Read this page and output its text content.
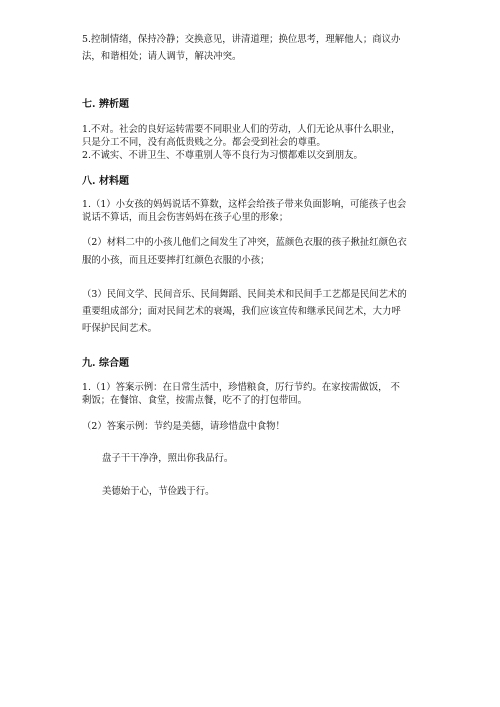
5.控制情绪，保持冷静；交换意见，讲清道理；换位思考，理解他人；商议办
法，和谐相处；请人调节，解决冲突。
七. 辨析题
1.不对。社会的良好运转需要不同职业人们的劳动，人们无论从事什么职业，
只是分工不同，没有高低贵贱之分。都会受到社会的尊重。
2.不诚实、不讲卫生、不尊重别人等不良行为习惯都难以交到朋友。
八. 材料题
1.（1）小女孩的妈妈说话不算数，这样会给孩子带来负面影响，可能孩子也会
说话不算话，而且会伤害妈妈在孩子心里的形象；
（2）材料二中的小孩儿他们之间发生了冲突，蓝颜色衣服的孩子揪扯红颜色衣
服的小孩，而且还要摔打红颜色衣服的小孩；
（3）民间文学、民间音乐、民间舞蹈、民间美术和民间手工艺都是民间艺术的
重要组成部分；面对民间艺术的衰竭，我们应该宣传和继承民间艺术，大力呼
吁保护民间艺术。
九. 综合题
1.（1）答案示例：在日常生活中，珍惜粮食，厉行节约。在家按需做饭， 不
剩饭；在餐馆、食堂，按需点餐，吃不了的打包带回。
（2）答案示例：节约是美德，请珍惜盘中食物！
盘子干干净净，照出你我品行。
美德始于心，节俭践于行。
